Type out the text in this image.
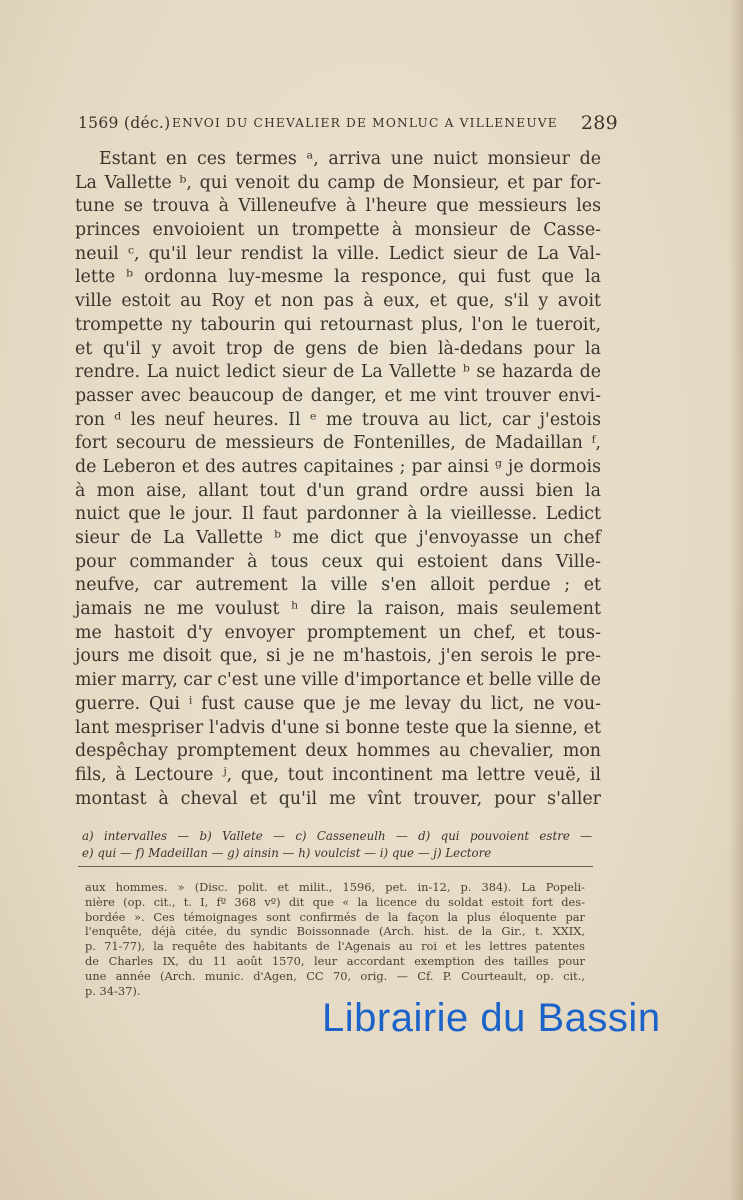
1569 (déc.) ENVOI DU CHEVALIER DE MONLUC A VILLENEUVE 289
Estant en ces termes ᵃ, arriva une nuict monsieur de
La Vallette ᵇ, qui venoit du camp de Monsieur, et par for-
tune se trouva à Villeneufve à l'heure que messieurs les
princes envoioient un trompette à monsieur de Casse-
neuil ᶜ, qu'il leur rendist la ville. Ledict sieur de La Val-
lette ᵇ ordonna luy-mesme la responce, qui fust que la
ville estoit au Roy et non pas à eux, et que, s'il y avoit
trompette ny tabourin qui retournast plus, l'on le tueroit,
et qu'il y avoit trop de gens de bien là-dedans pour la
rendre. La nuict ledict sieur de La Vallette ᵇ se hazarda de
passer avec beaucoup de danger, et me vint trouver envi-
ron ᵈ les neuf heures. Il ᵉ me trouva au lict, car j'estois
fort secouru de messieurs de Fontenilles, de Madaillan ᶠ,
de Leberon et des autres capitaines ; par ainsi ᵍ je dormois
à mon aise, allant tout d'un grand ordre aussi bien la
nuict que le jour. Il faut pardonner à la vieillesse. Ledict
sieur de La Vallette ᵇ me dict que j'envoyasse un chef
pour commander à tous ceux qui estoient dans Ville-
neufve, car autrement la ville s'en alloit perdue ; et
jamais ne me voulust ʰ dire la raison, mais seulement
me hastoit d'y envoyer promptement un chef, et tous-
jours me disoit que, si je ne m'hastois, j'en serois le pre-
mier marry, car c'est une ville d'importance et belle ville de
guerre. Qui ⁱ fust cause que je me levay du lict, ne vou-
lant mespriser l'advis d'une si bonne teste que la sienne, et
despêchay promptement deux hommes au chevalier, mon
fils, à Lectoure ʲ, que, tout incontinent ma lettre veuë, il
montast à cheval et qu'il me vînt trouver, pour s'aller
a) intervalles — b) Vallete — c) Casseneulh — d) qui pouvoient estre —
e) qui — f) Madeillan — g) ainsin — h) voulcist — i) que — j) Lectore
aux hommes. » (Disc. polit. et milit., 1596, pet. in-12, p. 384). La Popeli-
nière (op. cit., t. I, fº 368 vº) dit que « la licence du soldat estoit fort des-
bordée ». Ces témoignages sont confirmés de la façon la plus éloquente par
l'enquête, déjà citée, du syndic Boissonnade (Arch. hist. de la Gir., t. XXIX,
p. 71-77), la requête des habitants de l'Agenais au roi et les lettres patentes
de Charles IX, du 11 août 1570, leur accordant exemption des tailles pour
une année (Arch. munic. d'Agen, CC 70, orig. — Cf. P. Courteault, op. cit.,
p. 34-37).
Librairie du Bassin
